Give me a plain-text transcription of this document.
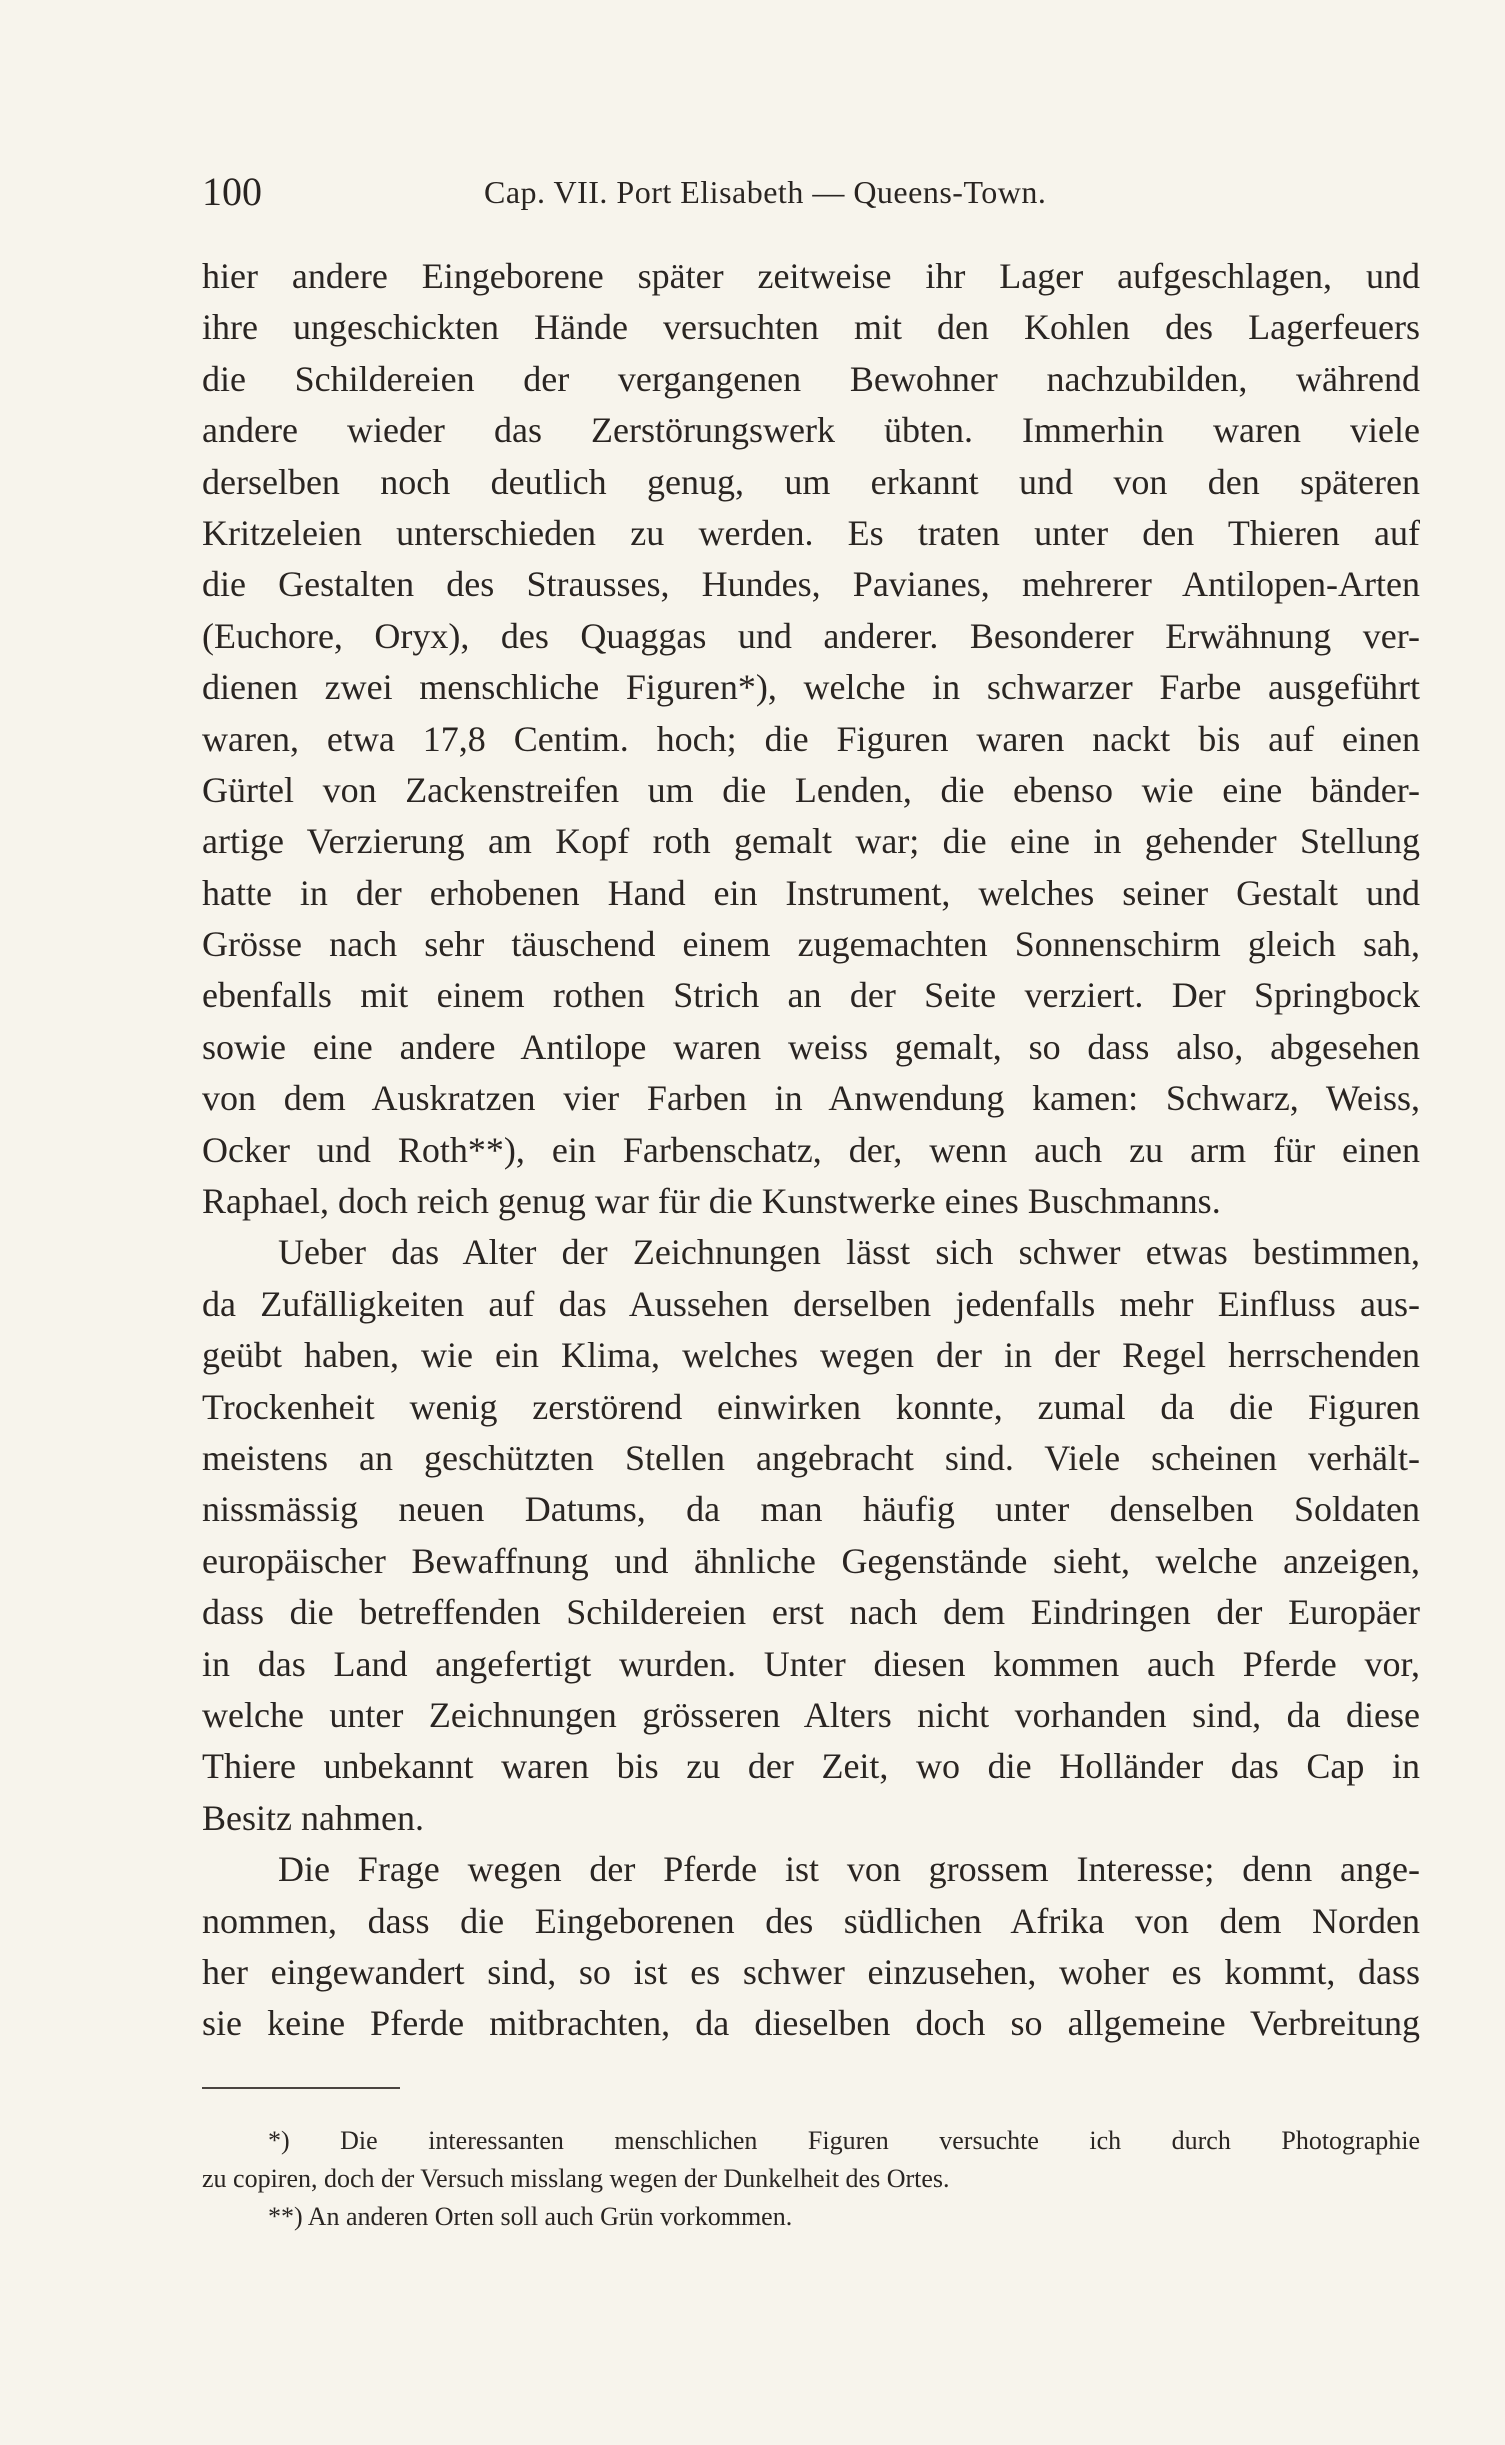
100	Cap. VII. Port Elisabeth — Queens-Town.
hier andere Eingeborene später zeitweise ihr Lager aufgeschlagen, und
ihre ungeschickten Hände versuchten mit den Kohlen des Lagerfeuers
die Schildereien der vergangenen Bewohner nachzubilden, während
andere wieder das Zerstörungswerk übten. Immerhin waren viele
derselben noch deutlich genug, um erkannt und von den späteren
Kritzeleien unterschieden zu werden. Es traten unter den Thieren auf
die Gestalten des Strausses, Hundes, Pavianes, mehrerer Antilopen-Arten
(Euchore, Oryx), des Quaggas und anderer. Besonderer Erwähnung ver-
dienen zwei menschliche Figuren*), welche in schwarzer Farbe ausgeführt
waren, etwa 17,8 Centim. hoch; die Figuren waren nackt bis auf einen
Gürtel von Zackenstreifen um die Lenden, die ebenso wie eine bänder-
artige Verzierung am Kopf roth gemalt war; die eine in gehender Stellung
hatte in der erhobenen Hand ein Instrument, welches seiner Gestalt und
Grösse nach sehr täuschend einem zugemachten Sonnenschirm gleich sah,
ebenfalls mit einem rothen Strich an der Seite verziert. Der Springbock
sowie eine andere Antilope waren weiss gemalt, so dass also, abgesehen
von dem Auskratzen vier Farben in Anwendung kamen: Schwarz, Weiss,
Ocker und Roth**), ein Farbenschatz, der, wenn auch zu arm für einen
Raphael, doch reich genug war für die Kunstwerke eines Buschmanns.
Ueber das Alter der Zeichnungen lässt sich schwer etwas bestimmen,
da Zufälligkeiten auf das Aussehen derselben jedenfalls mehr Einfluss aus-
geübt haben, wie ein Klima, welches wegen der in der Regel herrschenden
Trockenheit wenig zerstörend einwirken konnte, zumal da die Figuren
meistens an geschützten Stellen angebracht sind. Viele scheinen verhält-
nissmässig neuen Datums, da man häufig unter denselben Soldaten
europäischer Bewaffnung und ähnliche Gegenstände sieht, welche anzeigen,
dass die betreffenden Schildereien erst nach dem Eindringen der Europäer
in das Land angefertigt wurden. Unter diesen kommen auch Pferde vor,
welche unter Zeichnungen grösseren Alters nicht vorhanden sind, da diese
Thiere unbekannt waren bis zu der Zeit, wo die Holländer das Cap in
Besitz nahmen.
Die Frage wegen der Pferde ist von grossem Interesse; denn ange-
nommen, dass die Eingeborenen des südlichen Afrika von dem Norden
her eingewandert sind, so ist es schwer einzusehen, woher es kommt, dass
sie keine Pferde mitbrachten, da dieselben doch so allgemeine Verbreitung
*) Die interessanten menschlichen Figuren versuchte ich durch Photographie
zu copiren, doch der Versuch misslang wegen der Dunkelheit des Ortes.
**) An anderen Orten soll auch Grün vorkommen.
